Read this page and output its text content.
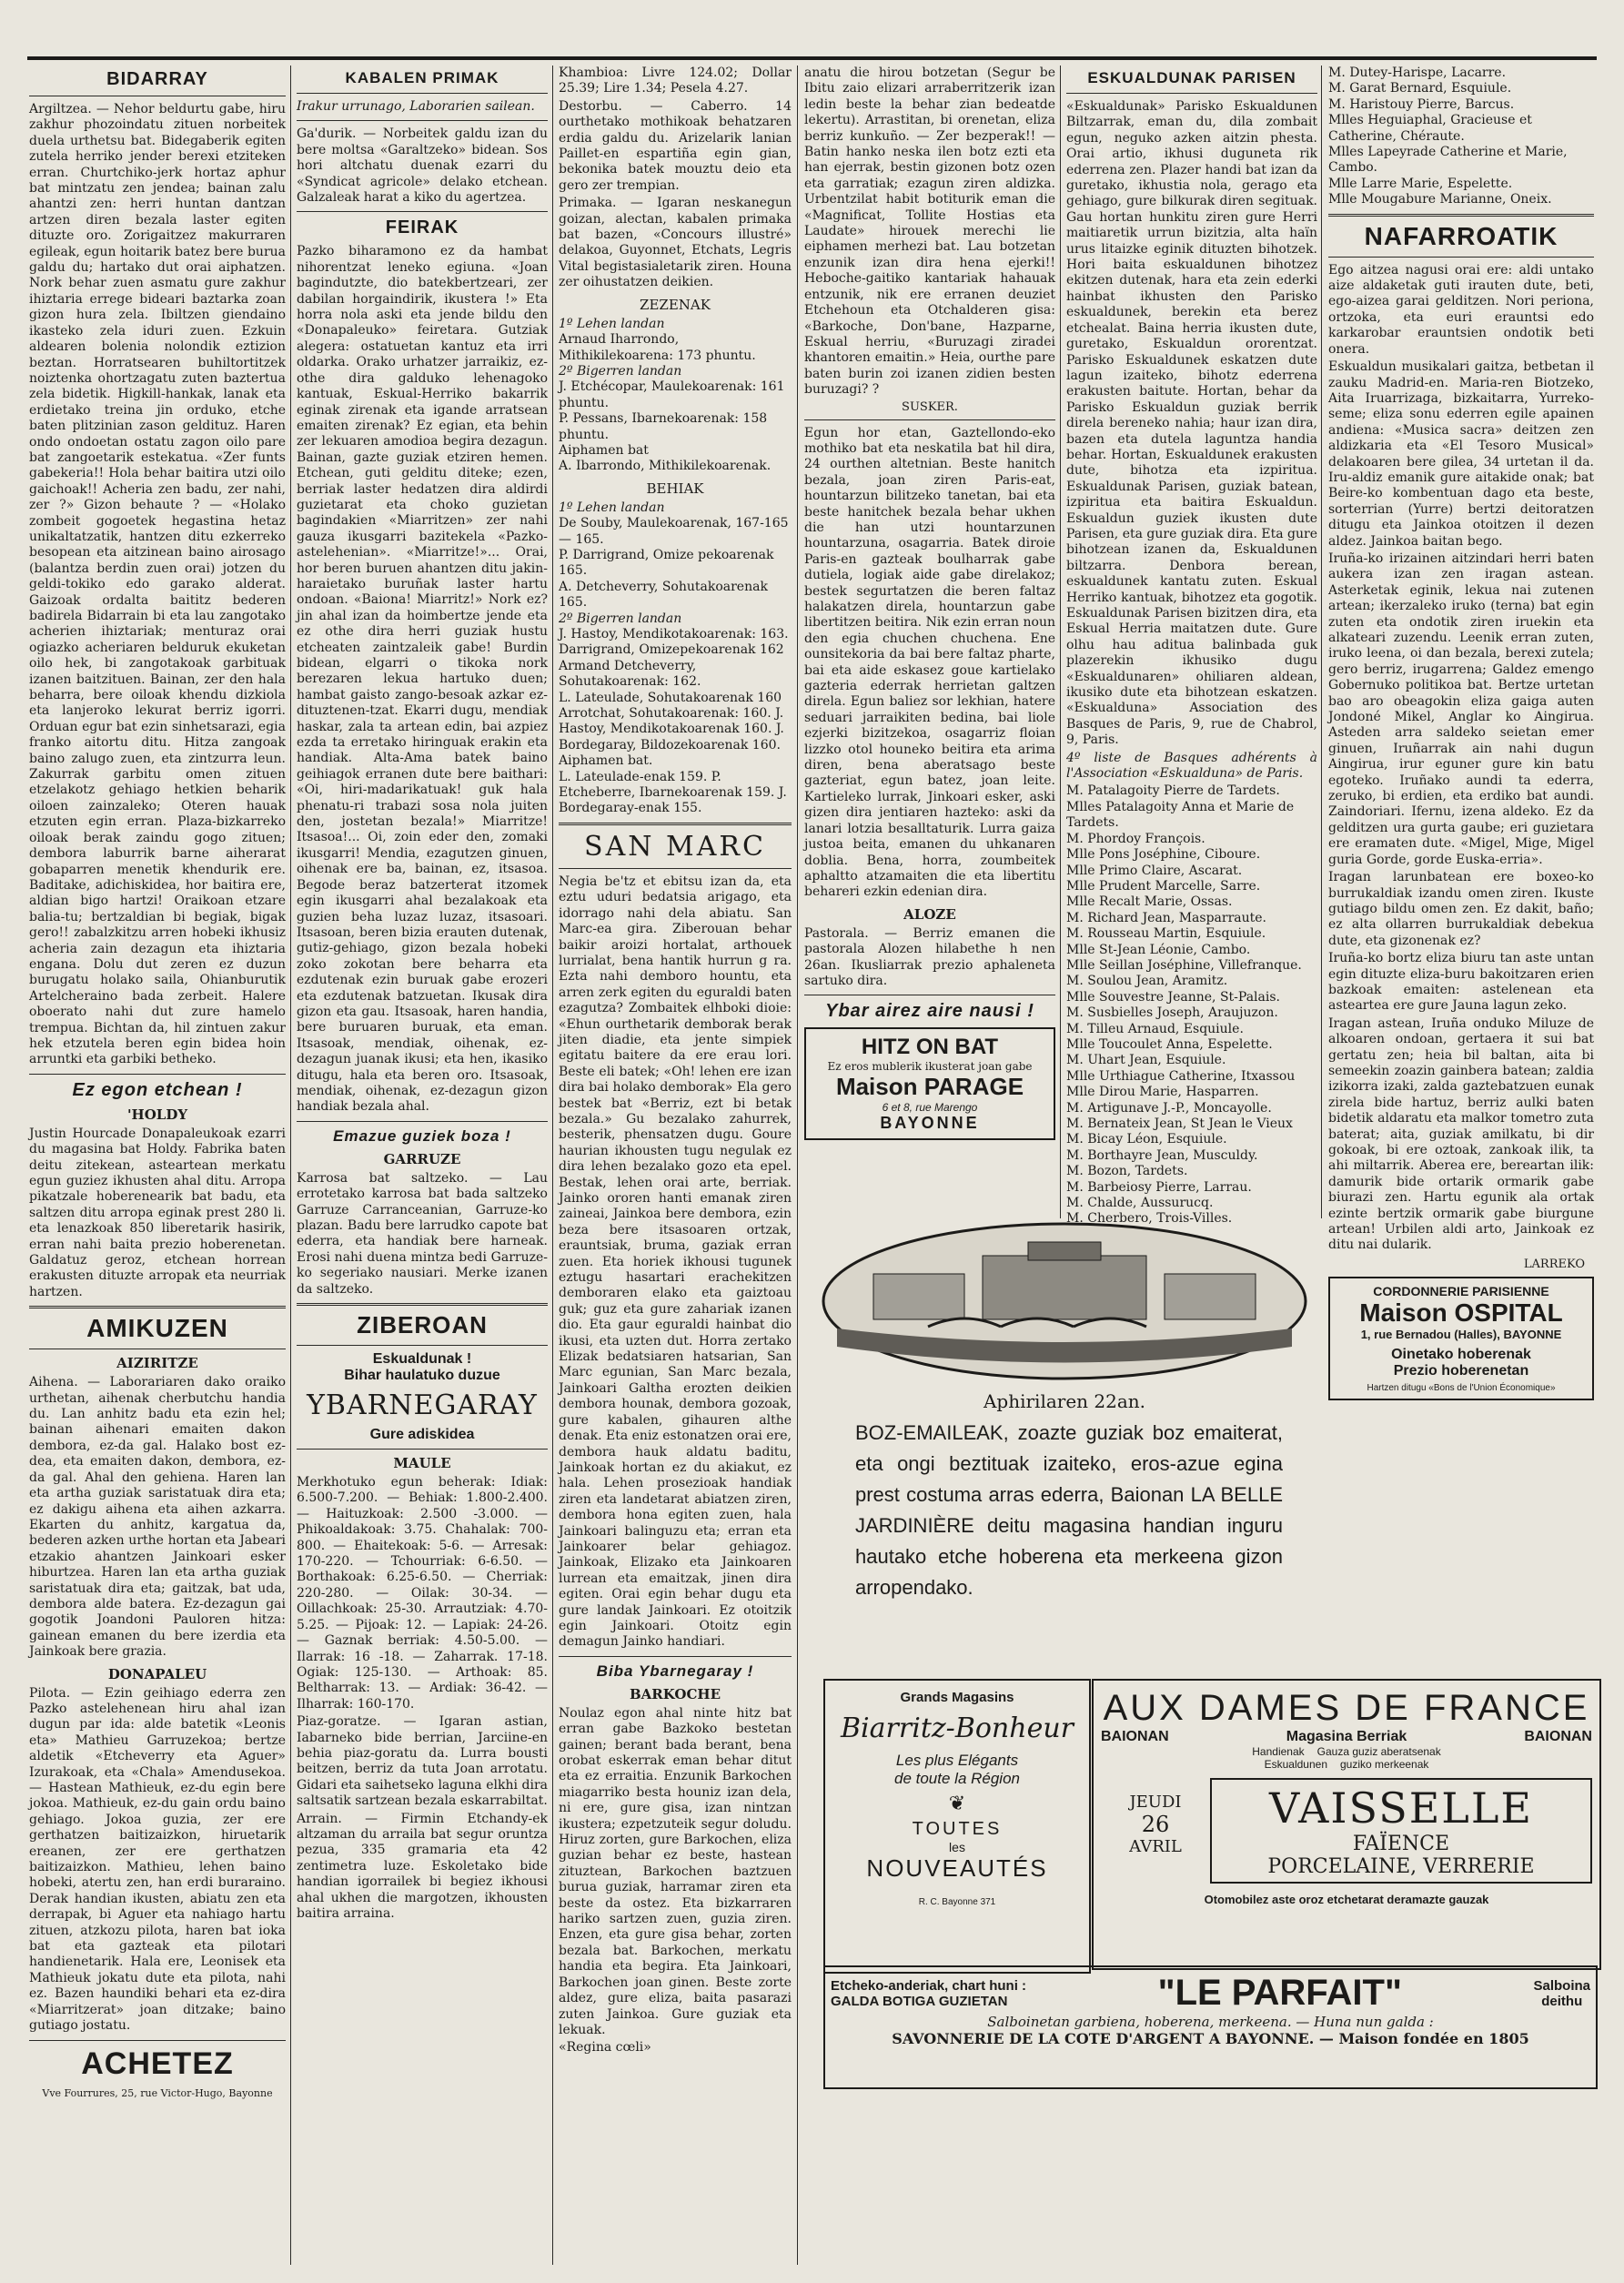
BIDARRAY

Argiltzea. — Nehor beldurtu gabe, hiru zakhur phozoindatu zituen norbeitek duela urthetsu bat. Bidegaberik egiten zutela herriko jender berexi etziteken erran. Churtchiko-jerk hortaz aphur bat mintzatu zen jendea; bainan zalu ahantzi zen: herri huntan dantzan artzen diren bezala laster egiten dituzte oro. Zorigaitzez makurraren egileak, egun hoitarik batez bere burua galdu du; hartako dut orai aiphatzen. Nork behar zuen asmatu gure zakhur ihiztaria errege bideari baztarka zoan gizon hura zela. Ibiltzen giendaino ikasteko zela iduri zuen. Ezkuin aldearen bolenia nolondik eztizion beztan. Horratsearen buhiltortitzek noiztenka ohortzagatu zuten baztertua zela bidetik. Higkill-hankak, lanak eta erdietako treina jin orduko, etche baten plitzinian zason geldituz. Haren ondo ondoetan ostatu zagon oilo pare bat zangoetarik estekatua. «Zer funts gabekeria!! Hola behar baitira utzi oilo gaichoak!! Acheria zen badu, zer nahi, zer ?» Gizon behaute ? — «Holako zombeit gogoetek hegastina hetaz unikaltatzatik, hantzen ditu ezkerreko besopean eta aitzinean baino airosago (balantza berdin zuen orai) jotzen du geldi-tokiko edo garako alderat. Gaizoak ordalta baititz bederen badirela Bidarrain bi eta lau zangotako acherien ihiztariak; menturaz orai ogiazko acheriaren belduruk ekuketan oilo hek, bi zangotakoak garbituak izanen baitzituen. Bainan, zer den hala beharra, bere oiloak khendu dizkiola eta lanjeroko lekurat berriz igorri. Orduan egur bat ezin sinhetsarazi, egia franko aitortu ditu. Hitza zangoak baino zalugo zuen, eta zintzurra leun. Zakurrak garbitu omen zituen etzelakotz gehiago hetkien beharik oiloen zainzaleko; Oteren hauak etzuten egin erran. Plaza-bizkarreko oiloak berak zaindu gogo zituen; dembora laburrik barne aiherarat gobaparren menetik khendurik ere. Baditake, adichiskidea, hor baitira ere, aldian bigo hartzi! Oraikoan etzare balia-tu; bertzaldian bi begiak, bigak gero!! zabalzkitzu arren hobeki ikhusiz acheria zain dezagun eta ihiztaria engana. Dolu dut zeren ez duzun burugatu holako saila, Ohianburutik Artelcheraino bada zerbeit. Halere oboerato nahi dut zure hamelo trempua. Bichtan da, hil zintuen zakur hek etzutela beren egin bidea hoin arruntki eta garbiki betheko.

Ez egon etchean !
'HOLDY

Justin Hourcade Donapaleukoak ezarri du magasina bat Holdy. Fabrika baten deitu zitekean, asteartean merkatu egun guziez ikhusten ahal ditu. Arropa pikatzale hoberenearik bat badu, eta saltzen ditu arropa eginak prest 280 li. eta lenazkoak 850 liberetarik hasirik, erran nahi baita prezio hoberenetan. Galdatuz geroz, etchean horrean erakusten dituzte arropak eta neurriak hartzen.

AMIKUZEN
AIZIRITZE

Aihena. — Laborariaren dako oraiko urthetan, aihenak cherbutchu handia du. Lan anhitz badu eta ezin hel; bainan aihenari emaiten dakon dembora, ez-da gal. Halako bost ez-dea, eta emaiten dakon, dembora, ez-da gal. Ahal den gehiena. Haren lan eta artha guziak saristatuak dira eta; ez dakigu aihena eta aihen azkarra. Ekarten du anhitz, kargatua da, bederen azken urthe hortan eta Jabeari etzakio ahantzen Jainkoari esker hiburtzea. Haren lan eta artha guziak saristatuak dira eta; gaitzak, bat uda, dembora alde batera. Ez-dezagun gai gogotik Joandoni Pauloren hitza: gainean emanen du bere izerdia eta Jainkoak bere grazia.

DONAPALEU

Pilota. — Ezin geihiago ederra zen Pazko astelehenean hiru ahal izan dugun par ida: alde batetik «Leonis eta» Mathieu Garruzekoa; bertze aldetik «Etcheverry eta Aguer» Izurakoak, eta «Chala» Amendusekoa. — Hastean Mathieuk, ez-du egin bere jokoa. Mathieuk, ez-du gain ordu baino gehiago. Jokoa guzia, zer ere gerthatzen baitizaizkon, hiruetarik ereanen, zer ere gerthatzen baitizaizkon. Mathieu, lehen baino hobeki, atertu zen, han erdi buraraino. Derak handian ikusten, abiatu zen eta derrapak, bi Aguer eta nahiago hartu zituen, atzkozu pilota, haren bat ioka bat eta gazteak eta pilotari handienetarik. Hala ere, Leonisek eta Mathieuk jokatu dute eta pilota, nahi ez. Bazen haundiki behari eta ez-dira «Miarritzerat» joan ditzake; baino gutiago jostatu.

ACHETEZ
Vve Fourrures, 25, rue Victor-Hugo, Bayonne
KABALEN PRIMAK

Irakur urrunago, Laborarien sailean.

Ga'durik. — Norbeitek galdu izan du bere moltsa «Garaltzeko» bidean. Sos hori altchatu duenak ezarri du «Syndicat agricole» delako etchean. Galzaleak harat a kiko du agertzea.

FEIRAK

Pazko biharamono ez da hambat nihorentzat leneko egiuna. «Joan bagindutzte, dio batekbertzeari, zer dabilan horgaindirik, ikustera !» Eta horra nola aski eta jende bildu den «Donapaleuko» feiretara. Gutziak alegera: ostatuetan kantuz eta irri oldarka. Orako urhatzer jarraikiz, ez-othe dira galduko lehenagoko kantuak, Eskual-Herriko bakarrik eginak zirenak eta igande arratsean emaiten zirenak? Ez egian, eta behin zer lekuaren amodioa begira dezagun. Bainan, gazte guziak etziren hemen. Etchean, guti gelditu diteke; ezen, berriak laster hedatzen dira aldirdi guzietarat eta choko guzietan bagindakien «Miarritzen» zer nahi gauza ikusgarri bazitekela «Pazko-astelehenian». «Miarritze!»... Orai, hor beren buruen ahantzen ditu jakin-haraietako buruñak laster hartu ondoan. «Baiona! Miarritz!» Nork ez? jin ahal izan da hoimbertze jende eta ez othe dira herri guziak hustu etcheaten zaintzaleik gabe! Burdin bidean, elgarri o tikoka nork berezaren lekua hartuko duen; hambat gaisto zango-besoak azkar ez-dituztenen-tzat. Ekarri dugu, mendiak haskar, zala ta artean edin, bai azpiez ezda ta erretako hiringuak erakin eta handiak. Alta-Ama batek baino geihiagok erranen dute bere baithari: «Oi, hiri-madarikatuak! guk hala phenatu-ri trabazi sosa nola juiten den, jostetan bezala!» Miarritze! Itsasoa!... Oi, zoin eder den, zomaki ikusgarri! Mendia, ezagutzen ginuen, oihenak ere ba, bainan, ez, itsasoa. Begode beraz batzerterat itzomek egin ikusgarri ahal bezalakoak eta guzien beha luzaz luzaz, itsasoari. Itsasoan, beren bizia erauten dutenak, gutiz-gehiago, gizon bezala hobeki zoko zokotan bere beharra eta ezdutenak ezin buruak gabe erozeri eta ezdutenak batzuetan. Ikusak dira gizon eta gau. Itsasoak, haren handia, bere buruaren buruak, eta eman. Itsasoak, mendiak, oihenak, ez-dezagun juanak ikusi; eta hen, ikasiko ditugu, hala eta beren oro. Itsasoak, mendiak, oihenak, ez-dezagun gizon handiak bezala ahal.

Emazue guziek boza !
GARRUZE

Karrosa bat saltzeko. — Lau errotetako karrosa bat bada saltzeko Garruze Carranceanian, Garruze-ko plazan. Badu bere larrudko capote bat ederra, eta handiak bere harneak. Erosi nahi duena mintza bedi Garruze-ko segeriako nausiari. Merke izanen da saltzeko.

ZIBEROAN
Eskualdunak !
Bihar haulatuko duzue
YBARNEGARAY
Gure adiskidea
MAULE

Merkhotuko egun beherak: Idiak: 6.500-7.200. — Behiak: 1.800-2.400. — Haituzkoak: 2.500 -3.000. — Phikoaldakoak: 3.75. Chahalak: 700-800. — Ehaitekoak: 5-6. — Arresak: 170-220. — Tchourriak: 6-6.50. — Borthakoak: 6.25-6.50. — Cherriak: 220-280. — Oilak: 30-34. — Oillachkoak: 25-30. Arrautziak: 4.70-5.25. — Pijoak: 12. — Lapiak: 24-26. — Gaznak berriak: 4.50-5.00. — Ilarrak: 16 -18. — Zaharrak. 17-18. Ogiak: 125-130. — Arthoak: 85. Beltharrak: 13. — Ardiak: 36-42. — Ilharrak: 160-170.

Piaz-goratze. — Igaran astian, Iabarneko bide berrian, Jarciine-en behia piaz-goratu da. Lurra bousti beitzen, berriz da tuta Joan arrotatu. Gidari eta saihetseko laguna elkhi dira saltsatik sartzean bezala eskarrabiltat.

Arrain. — Firmin Etchandy-ek altzaman du arraila bat segur oruntza pezua, 335 gramaria eta 42 zentimetra luze. Eskoletako bide handian igorrailek bi begiez ikhousi ahal ukhen die margotzen, ikhousten baitira arraina.

Khambioa: Livre 124.02; Dollar 25.39; Lire 1.34; Pesela 4.27.

Destorbu. — Caberro. 14 ourthetako mothikoak behatzaren erdia galdu du. Arizelarik lanian Paillet-en espartiña egin gian, bekonika batek mouztu deio eta gero zer trempian.

Primaka. — Igaran neskanegun goizan, alectan, kabalen primaka bat bazen, «Concours illustré» delakoa, Guyonnet, Etchats, Legris Vital begistasialetarik ziren. Houna zer oihustatzen deikien.

ZEZENAK
1º Lehen landan
Arnaud Iharrondo, Mithikilekoarena: 173 phuntu.
2º Bigerren landan
J. Etchécopar, Maulekoarenak: 161 phuntu.
P. Pessans, Ibarnekoarenak: 158 phuntu.
Aiphamen bat
A. Ibarrondo, Mithikilekoarenak.
BEHIAK
1º Lehen landan
De Souby, Maulekoarenak, 167-165 — 165.
P. Darrigrand, Omize pekoarenak 165.
A. Detcheverry, Sohutakoarenak 165.
2º Bigerren landan
J. Hastoy, Mendikotakoarenak: 163.
Darrigrand, Omizepekoarenak 162 Armand Detcheverry, Sohutakoarenak: 162.
L. Lateulade, Sohutakoarenak 160 Arrotchat, Sohutakoarenak: 160. J. Hastoy, Mendikotakoarenak 160. J. Bordegaray, Bildozekoarenak 160.
Aiphamen bat.
L. Lateulade-enak 159. P. Etcheberre, Ibarnekoarenak 159. J. Bordegaray-enak 155.
SAN MARC

Negia be'tz et ebitsu izan da, eta eztu uduri bedatsia arigago, eta idorrago nahi dela abiatu. San Marc-ea gira. Ziberouan behar baikir aroizi hortalat, arthouek lurrialat, bena hantik hurrun g ra. Ezta nahi demboro hountu, eta arren zerk egiten du eguraldi baten ezagutza? Zombaitek elhboki dioie: «Ehun ourthetarik demborak berak jiten diadie, eta jente simpiek egitatu baitere da ere erau lori. Beste eli batek; «Oh! lehen ere izan dira bai holako demborak» Ela gero bestek bat «Berriz, ezt bi betak bezala.» Gu bezalako zahurrek, besterik, phensatzen dugu. Goure haurian ikhousten tugu negulak ez dira lehen bezalako gozo eta epel. Bestak, lehen orai arte, berriak. Jainko ororen hanti emanak ziren zaineai, Jainkoa bere dembora, ezin beza bere itsasoaren ortzak, erauntsiak, bruma, gaziak erran zuen. Eta horiek ikhousi tugunek eztugu hasartari erachekitzen demboraren elako eta gaiztoau guk; guz eta gure zahariak izanen dio. Eta gaur eguraldi hainbat dio ikusi, eta uzten dut. Horra zertako Elizak bedatsiaren hatsarian, San Marc egunian, San Marc bezala, Jainkoari Galtha erozten deikien dembora hounak, dembora gozoak, gure kabalen, gihauren althe denak. Eta eniz estonatzen orai ere, dembora hauk aldatu baditu, Jainkoak hortan ez du akiakut, ez hala. Lehen prosezioak handiak ziren eta landetarat abiatzen ziren, dembora hona egiten zuen, hala Jainkoari balinguzu eta; erran eta Jainkoarer belar gehiagoz. Jainkoak, Elizako eta Jainkoaren lurrean eta emaitzak, jinen dira egiten. Orai egin behar dugu eta gure landak Jainkoari. Ez otoitzik egin Jainkoari. Otoitz egin demagun Jainko handiari.

Biba Ybarnegaray !
BARKOCHE

Noulaz egon ahal ninte hitz bat erran gabe Bazkoko bestetan gainen; berant bada berant, bena orobat eskerrak eman behar ditut eta ez erraitia. Enzunik Barkochen miagarriko besta houniz izan dela, ni ere, gure gisa, izan nintzan ikustera; ezpetzuteik segur doludu. Hiruz zorten, gure Barkochen, eliza guzian behar ez beste, hastean zituztean, Barkochen baztzuen burua guziak, harramar ziren eta beste da ostez. Eta bizkarraren hariko sartzen zuen, guzia ziren. Enzen, eta gure gisa behar, zorten bezala bat. Barkochen, merkatu handia eta begira. Eta Jainkoari, Barkochen joan ginen. Beste zorte aldez, gure eliza, baita pasarazi zuten Jainkoa. Gure guziak eta lekuak.

«Regina cœli»

anatu die hirou botzetan (Segur be Ibitu zaio elizari arraberritzerik izan ledin beste la behar zian bedeatde lekertu). Arrastitan, bi orenetan, eliza berriz kunkuño. — Zer bezperak!! — Batin hanko neska ilen botz ezti eta han ejerrak, bestin gizonen botz ozen eta garratiak; ezagun ziren aldizka. Urbentzilat habit botiturik eman die «Magnificat, Tollite Hostias eta Laudate» hirouek merechi lie eiphamen merhezi bat. Lau botzetan enzunik izan dira hena ejerki!! Heboche-gaitiko kantariak hahauak entzunik, nik ere erranen deuziet Etchehoun eta Otchalderen gisa: «Barkoche, Don'bane, Hazparne, Eskual herriu, «Buruzagi ziradei khantoren emaitin.» Heia, ourthe pare baten burin zoi izanen zidien besten buruzagi? ?

SUSKER.

Egun hor etan, Gaztellondo-eko mothiko bat eta neskatila bat hil dira, 24 ourthen altetnian. Beste hanitch bezala, joan ziren Paris-eat, hountarzun bilitzeko tanetan, bai eta beste hanitchek bezala behar ukhen die han utzi hountarzunen hountarzuna, osagarria. Batek diroie Paris-en gazteak boulharrak gabe dutiela, logiak aide gabe direlakoz; bestek segurtatzen die beren faltaz halakatzen direla, hountarzun gabe libertitzen beitira. Nik ezin erran noun den egia chuchen chuchena. Ene ounsitekoria da bai bere faltaz pharte, bai eta aide eskasez goue kartielako gazteria ederrak herrietan galtzen direla. Egun baliez sor lekhian, hatere seduari jarraikiten bedina, bai liole ezjerki bizitzekoa, osagarriz floian lizzko otol houneko beitira eta arima diren, bena aberatsago beste gazteriat, egun batez, joan leite. Kartieleko lurrak, Jinkoari esker, aski gizen dira jentiaren hazteko: aski da lanari lotzia besalltaturik. Lurra gaiza justoa beita, emanen du uhkanaren doblia. Bena, horra, zoumbeitek aphaltto atzamaiten die eta libertitu behareri ezkin edenian dira.

ALOZE

Pastorala. — Berriz emanen die pastorala Alozen hilabethe h nen 26an. Ikusliarrak prezio aphaleneta sartuko dira.

Ybar airez aire nausi !
HITZ ON BAT
Ez eros mublerik ikusterat joan gabe
Maison PARAGE
6 et 8, rue Marengo
BAYONNE
ESKUALDUNAK PARISEN

«Eskualdunak» Parisko Eskualdunen Biltzarrak, eman du, dila zombait egun, neguko azken aitzin phesta. Orai artio, ikhusi duguneta rik ederrena zen. Plazer handi bat izan da guretako, ikhustia nola, gerago eta gehiago, gure bilkurak diren segituak. Gau hortan hunkitu ziren gure Herri maitiaretik urrun bizitzia, alta haïn urus litaizke eginik dituzten bihotzek. Hori baita eskualdunen bihotzez ekitzen dutenak, hara eta zein ederki hainbat ikhusten den Parisko eskualdunek, berekin eta berez etchealat. Baina herria ikusten dute, guretako, Eskualdun ororentzat. Parisko Eskualdunek eskatzen dute lagun izaiteko, bihotz ederrena erakusten baitute. Hortan, behar da Parisko Eskualdun guziak berrik direla bereneko nahia; haur izan dira, bazen eta dutela laguntza handia behar. Hortan, Eskualdunek erakusten dute, bihotza eta izpiritua. Eskualdunak Parisen, guziak batean, izpiritua eta baitira Eskualdun. Eskualdun guziek ikusten dute Parisen, eta gure guziak dira. Eta gure bihotzean izanen da, Eskualdunen biltzarra. Denbora berean, eskualdunek kantatu zuten. Eskual Herriko kantuak, bihotzez eta gogotik. Eskualdunak Parisen bizitzen dira, eta Eskual Herria maitatzen dute. Gure olhu hau aditua balinbada guk plazerekin ikhusiko dugu «Eskualdunaren» ohiliaren aldean, ikusiko dute eta bihotzean eskatzen. «Eskualduna» Association des Basques de Paris, 9, rue de Chabrol, 9, Paris.

4º liste de Basques adhérents à l'Association «Eskualduna» de Paris.

M. Patalagoity Pierre de Tardets.
Mlles Patalagoity Anna et Marie de Tardets.
M. Phordoy François.
Mlle Pons Joséphine, Ciboure.
Mlle Primo Claire, Ascarat.
Mlle Prudent Marcelle, Sarre.
Mlle Recalt Marie, Ossas.
M. Richard Jean, Masparraute.
M. Rousseau Martin, Esquiule.
Mlle St-Jean Léonie, Cambo.
Mlle Seillan Joséphine, Villefranque.
M. Soulou Jean, Aramitz.
Mlle Souvestre Jeanne, St-Palais.
M. Susbielles Joseph, Araujuzon.
M. Tilleu Arnaud, Esquiule.
Mlle Toucoulet Anna, Espelette.
M. Uhart Jean, Esquiule.
Mlle Urthiague Catherine, Itxassou
Mlle Dirou Marie, Hasparren.
M. Artigunave J.-P., Moncayolle.
M. Bernateix Jean, St Jean le Vieux
M. Bicay Léon, Esquiule.
M. Borthayre Jean, Musculdy.
M. Bozon, Tardets.
M. Barbeiosy Pierre, Larrau.
M. Chalde, Aussurucq.
M. Cherbero, Trois-Villes.
M. Dutey-Harispe, Lacarre.
M. Garat Bernard, Esquiule.
M. Haristouy Pierre, Barcus.
Mlles Heguiaphal, Gracieuse et Catherine, Chéraute.
Mlles Lapeyrade Catherine et Marie, Cambo.
Mlle Larre Marie, Espelette.
Mlle Mougabure Marianne, Oneix.
NAFARROATIK

Ego aitzea nagusi orai ere: aldi untako aize aldaketak guti irauten dute, beti, ego-aizea garai gelditzen. Nori periona, ortzoka, eta euri erauntsi edo karkarobar erauntsien ondotik beti onera.

Eskualdun musikalari gaitza, betbetan il zauku Madrid-en. Maria-ren Biotzeko, Aita Iruarrizaga, bizkaitarra, Yurreko-seme; eliza sonu ederren egile apainen andiena: «Musica sacra» deitzen zen aldizkaria eta «El Tesoro Musical» delakoaren bere gilea, 34 urtetan il da. Iru-aldiz emanik gure aitakide onak; bat Beire-ko kombentuan dago eta beste, sorterrian (Yurre) bertzi deitoratzen ditugu eta Jainkoa otoitzen il dezen aldez. Jainkoa baitan bego.

Iruña-ko irizainen aitzindari herri baten aukera izan zen iragan astean. Asterketak eginik, lekua nai zutenen artean; ikerzaleko iruko (terna) bat egin zuten eta ondotik ziren iruekin eta alkateari zuzendu. Leenik erran zuten, iruko leena, oi dan bezala, berexi zutela; gero berriz, irugarrena; Galdez emengo Gobernuko politikoa bat. Bertze urtetan bao aro obeagokin eliza gaiga auten Jondoné Mikel, Anglar ko Aingirua. Asteden arra saldeko seietan emer ginuen, Iruñarrak ain nahi dugun Aingirua, irur eguner gure kin batu egoteko. Iruñako aundi ta ederra, zeruko, bi erdien, eta erdiko bat aundi. Zaindoriari. Ifernu, izena aldeko. Ez da gelditzen ura gurta gaube; eri guzietara ere eramaten dute. «Migel, Mige, Migel guria Gorde, gorde Euska-erria».

Iragan larunbatean ere boxeo-ko burrukaldiak izandu omen ziren. Ikuste gutiago bildu omen zen. Ez dakit, baño; ez alta ollarren burrukaldiak debekua dute, eta gizonenak ez?

Iruña-ko bortz eliza biuru tan aste untan egin dituzte eliza-buru bakoitzaren erien bazkoak emaiten: astelenean eta asteartea ere gure Jauna lagun zeko.

Iragan astean, Iruña onduko Miluze de alkoaren ondoan, gertaera it sui bat gertatu zen; heia bil baltan, aita bi semeekin zoazin gainbera batean; zaldia izikorra izaki, zalda gaztebatzuen eunak zirela bide hartuz, berriz aulki baten bidetik aldaratu eta malkor tometro zuta baterat; aita, guziak amilkatu, bi dir gokoak, bi ere oztoak, zankoak ilik, ta ahi miltarrik. Aberea ere, bereartan ilik: damurik bide ortarik ormarik gabe biurazi zen. Hartu egunik ala ortak ezinte bertzik ormarik gabe biurgune artean! Urbilen aldi arto, Jainkoak ez ditu nai dularik.

LARREKO
CORDONNERIE PARISIENNE
Maison OSPITAL
1, rue Bernadou (Halles), BAYONNE
Oinetako hoberenak
Prezio hoberenetan
Hartzen ditugu «Bons de l'Union Économique»
Aphirilaren 22an.
BOZ-EMAILEAK, zoazte guziak boz emaiterat, eta ongi beztituak izaiteko, eros-azue egina prest costuma arras ederra, Baionan LA BELLE JARDINIÈRE deitu magasina handian inguru hautako etche hoberena eta merkeena gizon arropendako.
Grands Magasins
Biarritz-Bonheur
Les plus Elégants
de toute la Région
❦
TOUTES
les
NOUVEAUTÉS
R. C. Bayonne 371
AUX DAMES DE FRANCE
BAIONAN	Magasina Berriak	BAIONAN
Handienak Gauza guziz aberatsenak
Eskualdunen guziko merkeenak
JEUDI
26
AVRIL
VAISSELLE
FAÏENCE
PORCELAINE, VERRERIE
Otomobilez aste oroz etchetarat deramazte gauzak
Etcheko-anderiak, chart huni :
GALDA BOTIGA GUZIETAN	"LE PARFAIT"	Salboina
deithu
Salboinetan garbiena, hoberena, merkeena. — Huna nun galda :
SAVONNERIE DE LA COTE D'ARGENT A BAYONNE. — Maison fondée en 1805
